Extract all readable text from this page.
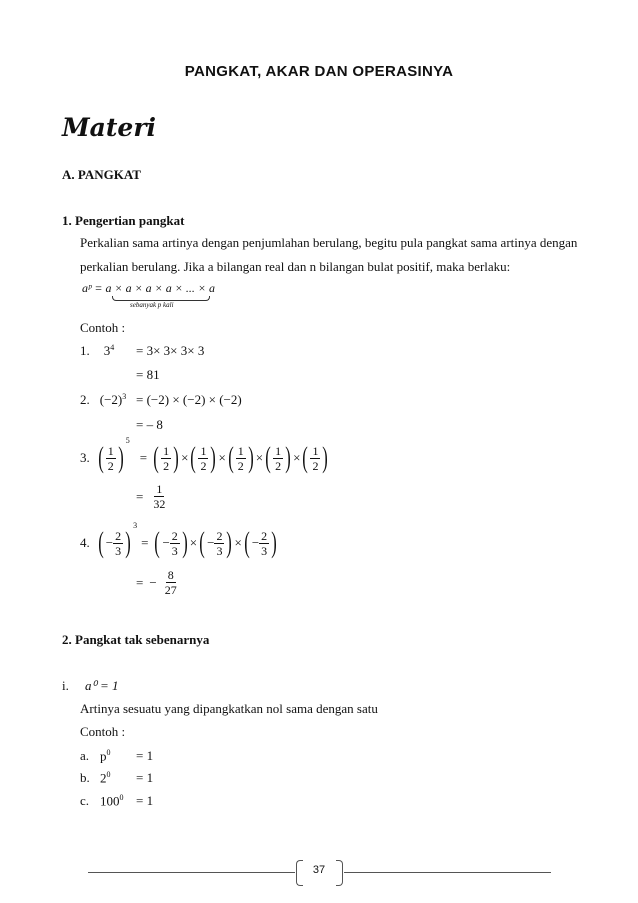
PANGKAT, AKAR DAN OPERASINYA
Materi
A. PANGKAT
1. Pengertian pangkat
Perkalian sama artinya dengan penjumlahan berulang, begitu pula pangkat sama artinya dengan
perkalian berulang. Jika a bilangan real dan n bilangan bulat positif, maka berlaku:
aᵖ = a × a × a × a × ... × a
sebanyak p kali
Contoh :
1. $3^4 = 3\times 3\times 3\times 3$
= 81
2. $(-2)^3 = (-2) \times (-2) \times (-2)$
= – 8
3. ( $\frac{1}{2}$ )
$^5$
= ( $\frac{1}{2}$ ) × ( $\frac{1}{2}$ ) × ( $\frac{1}{2}$ ) × ( $\frac{1}{2}$ ) × ( $\frac{1}{2}$ )
= $\frac{1}{32}$
4. ( − $\frac{2}{3}$ )
$^3$
= ( − $\frac{2}{3}$ ) × ( − $\frac{2}{3}$ ) × ( − $\frac{2}{3}$ )
= − $\frac{8}{27}$
2. Pangkat tak sebenarnya
i. a⁰ = 1
Artinya sesuatu yang dipangkatkan nol sama dengan satu
Contoh :
a. $p^0 = 1$
b. $2^0 = 1$
c. $100^0 = 1$
37
